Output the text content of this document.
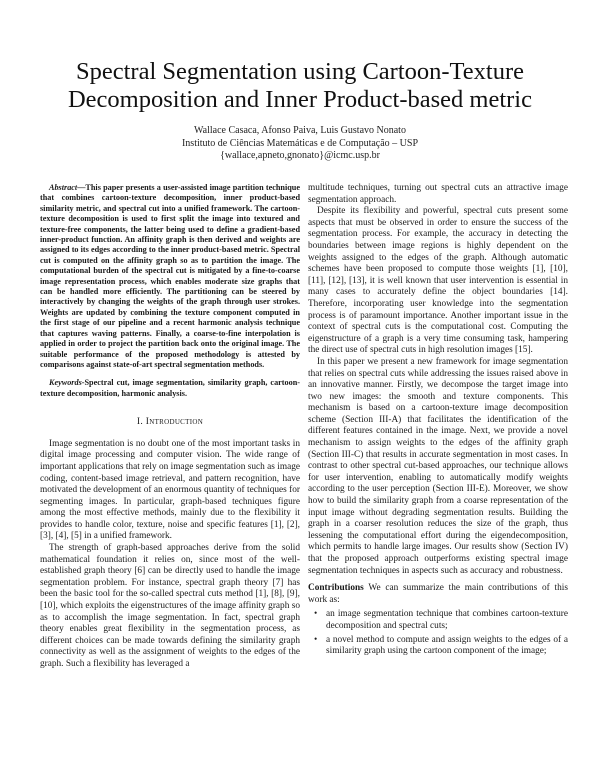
Spectral Segmentation using Cartoon-Texture Decomposition and Inner Product-based metric
Wallace Casaca, Afonso Paiva, Luis Gustavo Nonato
Instituto de Ciências Matemáticas e de Computação – USP
{wallace,apneto,gnonato}@icmc.usp.br

Abstract—This paper presents a user-assisted image partition technique that combines cartoon-texture decomposition, inner product-based similarity metric, and spectral cut into a unified framework. The cartoon-texture decomposition is used to first split the image into textured and texture-free components, the latter being used to define a gradient-based inner-product function. An affinity graph is then derived and weights are assigned to its edges according to the inner product-based metric. Spectral cut is computed on the affinity graph so as to partition the image. The computational burden of the spectral cut is mitigated by a fine-to-coarse image representation process, which enables moderate size graphs that can be handled more efficiently. The partitioning can be steered by interactively by changing the weights of the graph through user strokes. Weights are updated by combining the texture component computed in the first stage of our pipeline and a recent harmonic analysis technique that captures waving patterns. Finally, a coarse-to-fine interpolation is applied in order to project the partition back onto the original image. The suitable performance of the proposed methodology is attested by comparisons against state-of-art spectral segmentation methods.

Keywords-Spectral cut, image segmentation, similarity graph, cartoon-texture decomposition, harmonic analysis.

I. Introduction

Image segmentation is no doubt one of the most important tasks in digital image processing and computer vision. The wide range of important applications that rely on image segmentation such as image coding, content-based image retrieval, and pattern recognition, have motivated the development of an enormous quantity of techniques for segmenting images. In particular, graph-based techniques figure among the most effective methods, mainly due to the flexibility it provides to handle color, texture, noise and specific features [1], [2], [3], [4], [5] in a unified framework.

The strength of graph-based approaches derive from the solid mathematical foundation it relies on, since most of the well-established graph theory [6] can be directly used to handle the image segmentation problem. For instance, spectral graph theory [7] has been the basic tool for the so-called spectral cuts method [1], [8], [9], [10], which exploits the eigenstructures of the image affinity graph so as to accomplish the image segmentation. In fact, spectral graph theory enables great flexibility in the segmentation process, as different choices can be made towards defining the similarity graph connectivity as well as the assignment of weights to the edges of the graph. Such a flexibility has leveraged a

multitude techniques, turning out spectral cuts an attractive image segmentation approach.

Despite its flexibility and powerful, spectral cuts present some aspects that must be observed in order to ensure the success of the segmentation process. For example, the accuracy in detecting the boundaries between image regions is highly dependent on the weights assigned to the edges of the graph. Although automatic schemes have been proposed to compute those weights [1], [10], [11], [12], [13], it is well known that user intervention is essential in many cases to accurately define the object boundaries [14]. Therefore, incorporating user knowledge into the segmentation process is of paramount importance. Another important issue in the context of spectral cuts is the computational cost. Computing the eigenstructure of a graph is a very time consuming task, hampering the direct use of spectral cuts in high resolution images [15].

In this paper we present a new framework for image segmentation that relies on spectral cuts while addressing the issues raised above in an innovative manner. Firstly, we decompose the target image into two new images: the smooth and texture components. This mechanism is based on a cartoon-texture image decomposition scheme (Section III-A) that facilitates the identification of the different features contained in the image. Next, we provide a novel mechanism to assign weights to the edges of the affinity graph (Section III-C) that results in accurate segmentation in most cases. In contrast to other spectral cut-based approaches, our technique allows for user intervention, enabling to automatically modify weights according to the user perception (Section III-E). Moreover, we show how to build the similarity graph from a coarse representation of the input image without degrading segmentation results. Building the graph in a coarser resolution reduces the size of the graph, thus lessening the computational effort during the eigendecomposition, which permits to handle large images. Our results show (Section IV) that the proposed approach outperforms existing spectral image segmentation techniques in aspects such as accuracy and robustness.

Contributions We can summarize the main contributions of this work as:

• an image segmentation technique that combines cartoon-texture decomposition and spectral cuts;
• a novel method to compute and assign weights to the edges of a similarity graph using the cartoon component of the image;
